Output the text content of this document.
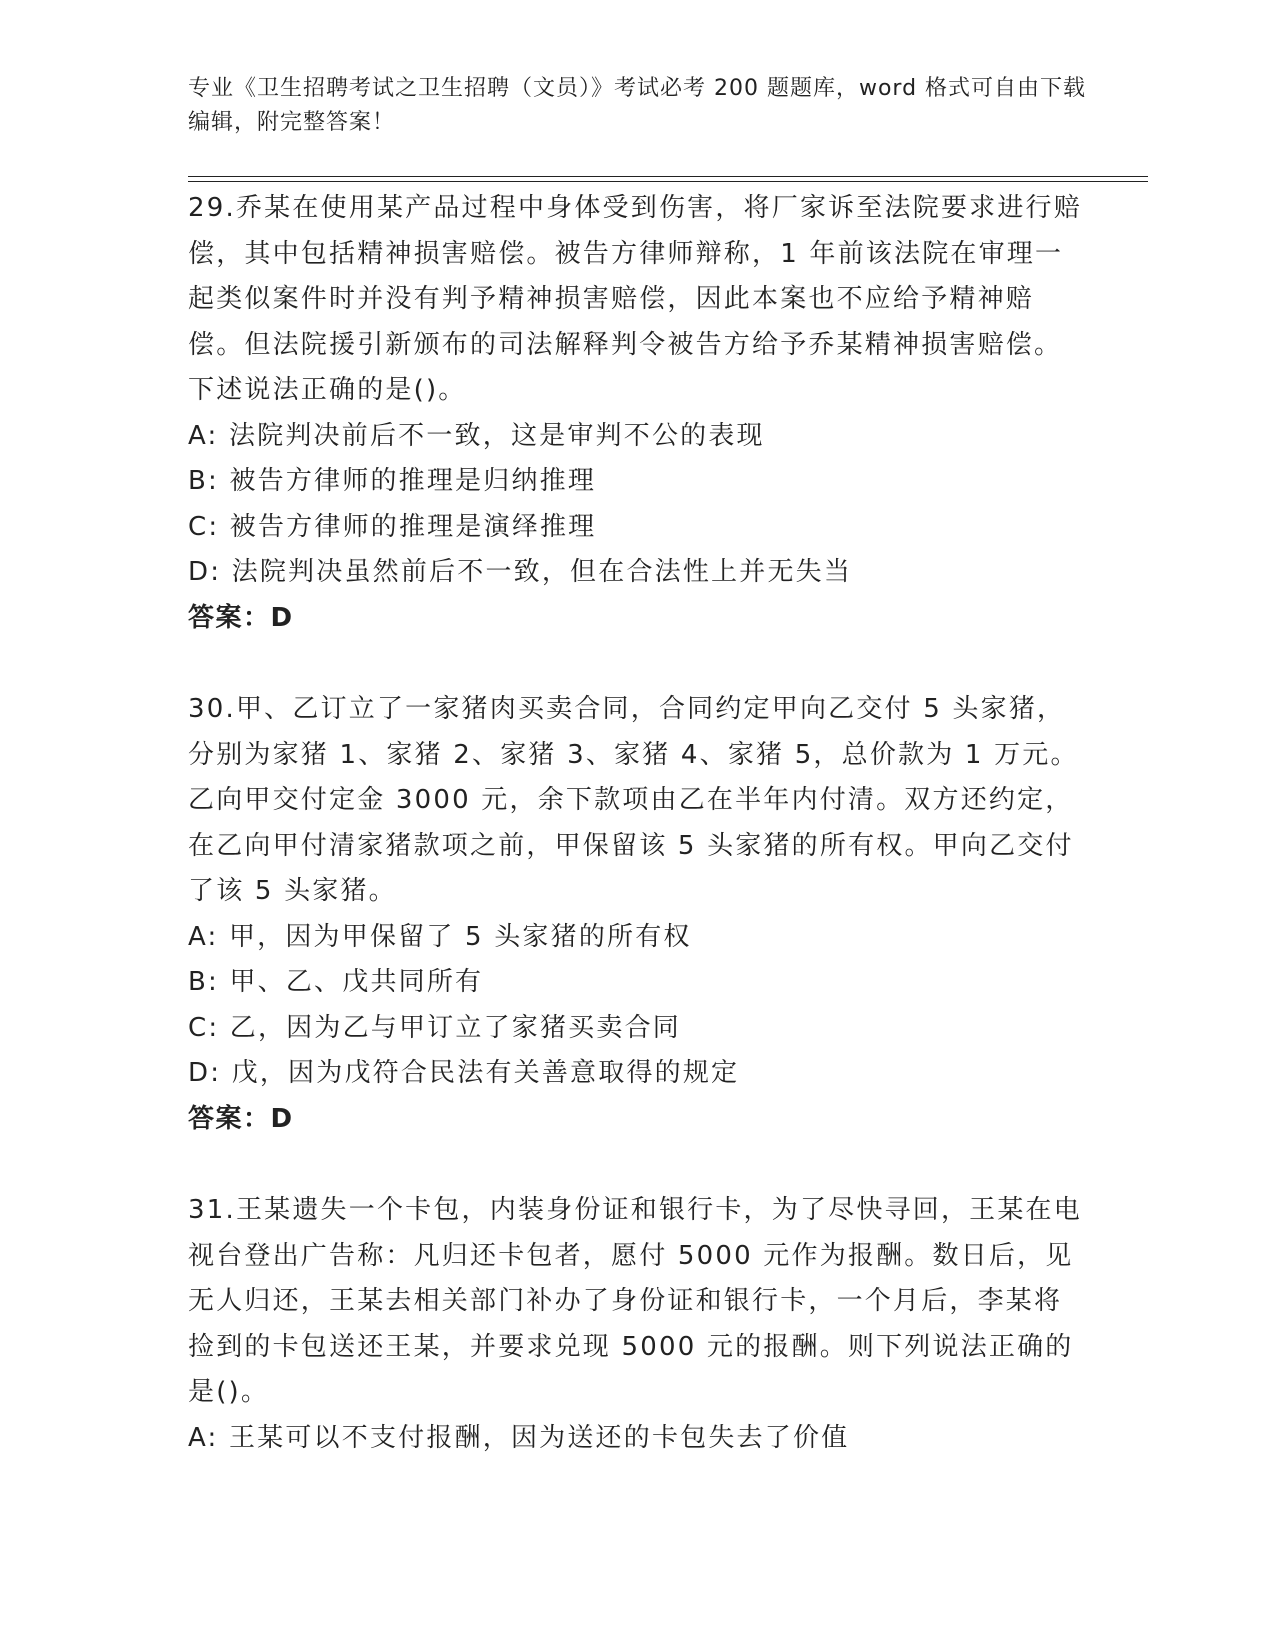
专业《卫生招聘考试之卫生招聘（文员）》考试必考 200 题题库，word 格式可自由下载编辑，附完整答案！

29.乔某在使用某产品过程中身体受到伤害，将厂家诉至法院要求进行赔偿，其中包括精神损害赔偿。被告方律师辩称，1 年前该法院在审理一起类似案件时并没有判予精神损害赔偿，因此本案也不应给予精神赔偿。但法院援引新颁布的司法解释判令被告方给予乔某精神损害赔偿。下述说法正确的是()。

A: 法院判决前后不一致，这是审判不公的表现
B: 被告方律师的推理是归纳推理
C: 被告方律师的推理是演绎推理
D: 法院判决虽然前后不一致，但在合法性上并无失当

答案：D

30.甲、乙订立了一家猪肉买卖合同，合同约定甲向乙交付 5 头家猪，分别为家猪 1、家猪 2、家猪 3、家猪 4、家猪 5，总价款为 1 万元。乙向甲交付定金 3000 元，余下款项由乙在半年内付清。双方还约定，在乙向甲付清家猪款项之前，甲保留该 5 头家猪的所有权。甲向乙交付了该 5 头家猪。

A: 甲，因为甲保留了 5 头家猪的所有权
B: 甲、乙、戊共同所有
C: 乙，因为乙与甲订立了家猪买卖合同
D: 戊，因为戊符合民法有关善意取得的规定

答案：D

31.王某遗失一个卡包，内装身份证和银行卡，为了尽快寻回，王某在电视台登出广告称：凡归还卡包者，愿付 5000 元作为报酬。数日后，见无人归还，王某去相关部门补办了身份证和银行卡，一个月后，李某将捡到的卡包送还王某，并要求兑现 5000 元的报酬。则下列说法正确的是()。

A: 王某可以不支付报酬，因为送还的卡包失去了价值
